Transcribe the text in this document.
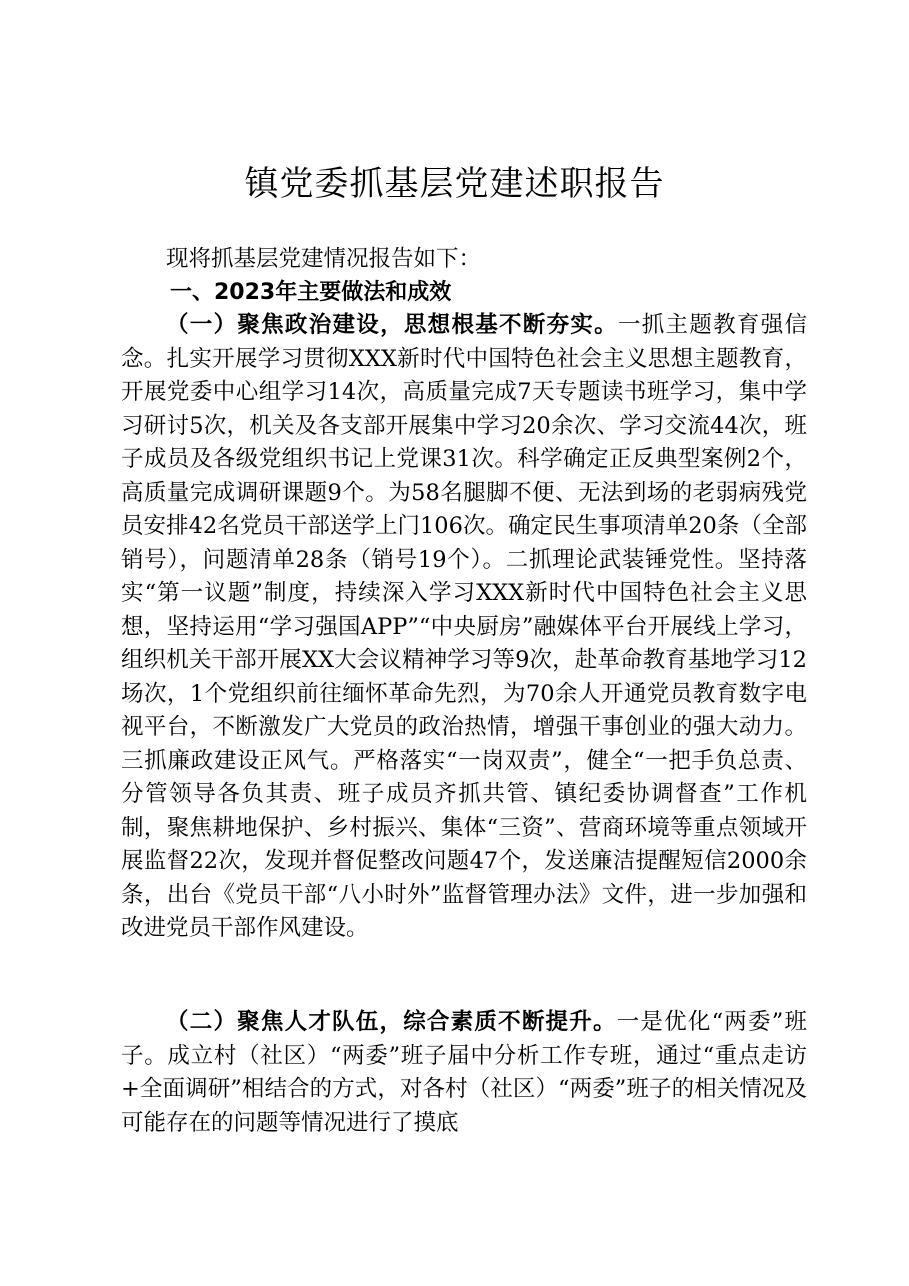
镇党委抓基层党建述职报告

现将抓基层党建情况报告如下：

一、2023年主要做法和成效

（一）聚焦政治建设，思想根基不断夯实。一抓主题教育强信念。扎实开展学习贯彻XXX新时代中国特色社会主义思想主题教育，开展党委中心组学习14次，高质量完成7天专题读书班学习，集中学习研讨5次，机关及各支部开展集中学习20余次、学习交流44次，班子成员及各级党组织书记上党课31次。科学确定正反典型案例2个，高质量完成调研课题9个。为58名腿脚不便、无法到场的老弱病残党员安排42名党员干部送学上门106次。确定民生事项清单20条（全部销号），问题清单28条（销号19个）。二抓理论武装锤党性。坚持落实“第一议题”制度，持续深入学习XXX新时代中国特色社会主义思想，坚持运用“学习强国APP”“中央厨房”融媒体平台开展线上学习，组织机关干部开展XX大会议精神学习等9次，赴革命教育基地学习12场次，1个党组织前往缅怀革命先烈，为70余人开通党员教育数字电视平台，不断激发广大党员的政治热情，增强干事创业的强大动力。三抓廉政建设正风气。严格落实“一岗双责”，健全“一把手负总责、分管领导各负其责、班子成员齐抓共管、镇纪委协调督查”工作机制，聚焦耕地保护、乡村振兴、集体“三资”、营商环境等重点领域开展监督22次，发现并督促整改问题47个，发送廉洁提醒短信2000余条，出台《党员干部“八小时外”监督管理办法》文件，进一步加强和改进党员干部作风建设。

（二）聚焦人才队伍，综合素质不断提升。一是优化“两委”班子。成立村（社区）“两委”班子届中分析工作专班，通过“重点走访+全面调研”相结合的方式，对各村（社区）“两委”班子的相关情况及可能存在的问题等情况进行了摸底
